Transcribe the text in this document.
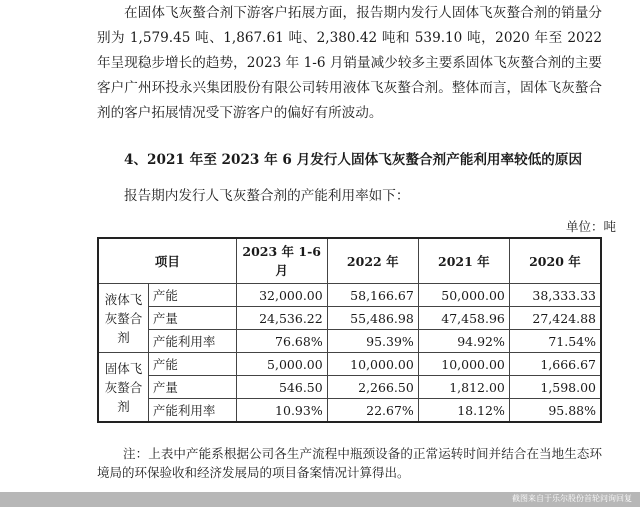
在固体飞灰螯合剂下游客户拓展方面，报告期内发行人固体飞灰螯合剂的销量分别为 1,579.45 吨、1,867.61 吨、2,380.42 吨和 539.10 吨，2020 年至 2022 年呈现稳步增长的趋势，2023 年 1-6 月销量减少较多主要系固体飞灰螯合剂的主要客户广州环投永兴集团股份有限公司转用液体飞灰螯合剂。整体而言，固体飞灰螯合剂的客户拓展情况受下游客户的偏好有所波动。

4、2021 年至 2023 年 6 月发行人固体飞灰螯合剂产能利用率较低的原因

报告期内发行人飞灰螯合剂的产能利用率如下：

单位：吨

项目		2023 年 1-6 月	2022 年	2021 年	2020 年
液体飞灰螯合剂	产能	32,000.00	58,166.67	50,000.00	38,333.33
	产量	24,536.22	55,486.98	47,458.96	27,424.88
	产能利用率	76.68%	95.39%	94.92%	71.54%
固体飞灰螯合剂	产能	5,000.00	10,000.00	10,000.00	1,666.67
	产量	546.50	2,266.50	1,812.00	1,598.00
	产能利用率	10.93%	22.67%	18.12%	95.88%

注：上表中产能系根据公司各生产流程中瓶颈设备的正常运转时间并结合在当地生态环境局的环保验收和经济发展局的项目备案情况计算得出。

截图来自于乐尔股份首轮问询回复
